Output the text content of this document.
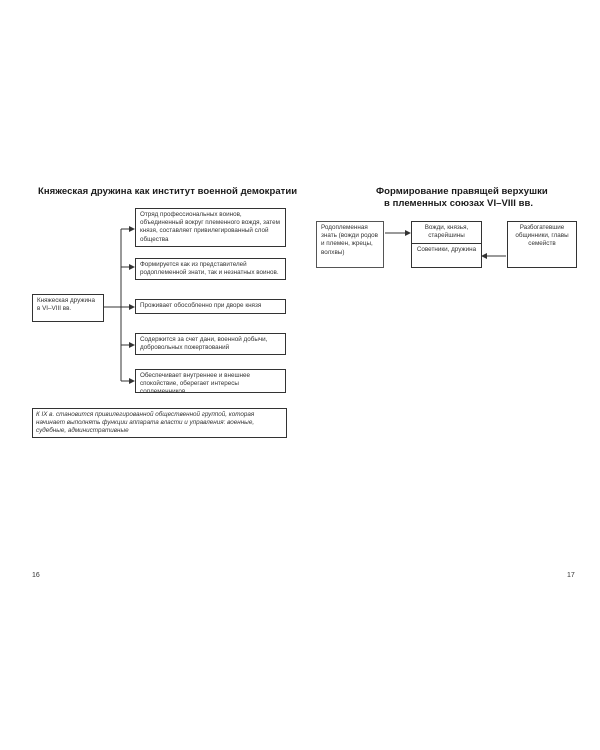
Княжеская дружина как институт военной демократии
Княжеская дружина в VI–VIII вв.
Отряд профессиональных воинов, объединенный вокруг племенного вождя, затем князя, составляет привилегированный слой общества
Формируется как из представителей родоплеменной знати, так и незнатных воинов.
Проживает обособленно при дворе князя
Содержится за счет дани, военной добычи, добровольных пожертвований
Обеспечивает внутреннее и внешнее спокойствие, оберегает интересы соплеменников
К IX в. становится привилегированной общественной группой, которая начинает выполнять функции аппарата власти и управления: военные, судебные, административные
16
Формирование правящей верхушки
в племенных союзах VI–VIII вв.
Родоплеменная знать (вожди родов и племен, жрецы, волхвы)
Вожди, князья, старейшины
Советники, дружина
Разбогатевшие общинники, главы семейств
17
